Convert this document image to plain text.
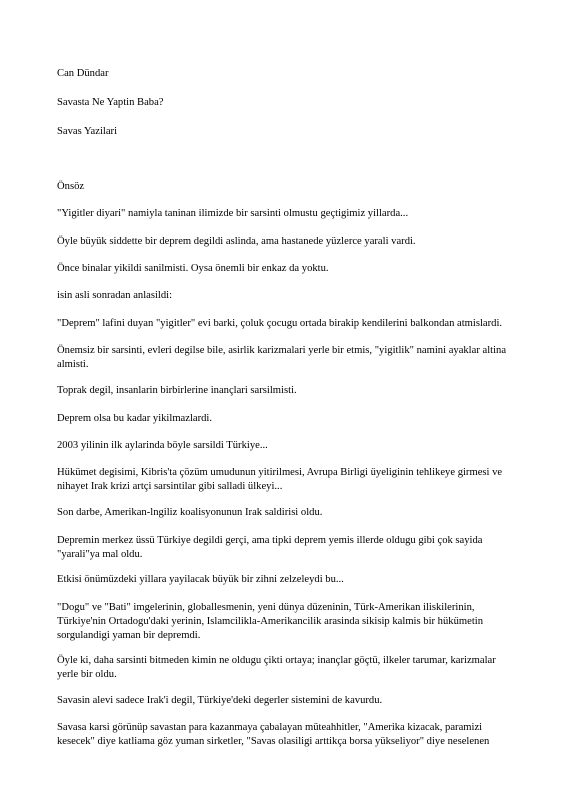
Can Dündar

Savasta Ne Yaptin Baba?

Savas Yazilari

Önsöz

"Yigitler diyari" namiyla taninan ilimizde bir sarsinti olmustu geçtigimiz yillarda...

Öyle büyük siddette bir deprem degildi aslinda, ama hastanede yüzlerce yarali vardi.

Önce binalar yikildi sanilmisti. Oysa önemli bir enkaz da yoktu.

isin asli sonradan anlasildi:

"Deprem" lafini duyan "yigitler" evi barki, çoluk çocugu ortada birakip kendilerini balkondan atmislardi.

Önemsiz bir sarsinti, evleri degilse bile, asirlik karizmalari yerle bir etmis, "yigitlik" namini ayaklar altina almisti.

Toprak degil, insanlarin birbirlerine inançlari sarsilmisti.

Deprem olsa bu kadar yikilmazlardi.

2003 yilinin ilk aylarinda böyle sarsildi Türkiye...

Hükümet degisimi, Kibris'ta çözüm umudunun yitirilmesi, Avrupa Birligi üyeliginin tehlikeye girmesi ve nihayet Irak krizi artçi sarsintilar gibi salladi ülkeyi...

Son darbe, Amerikan-lngiliz koalisyonunun Irak saldirisi oldu.

Depremin merkez üssü Türkiye degildi gerçi, ama tipki deprem yemis illerde oldugu gibi çok sayida "yarali"ya mal oldu.

Etkisi önümüzdeki yillara yayilacak büyük bir zihni zelzeleydi bu...

"Dogu" ve "Bati" imgelerinin, globallesmenin, yeni dünya düzeninin, Türk-Amerikan iliskilerinin, Türkiye'nin Ortadogu'daki yerinin, Islamcilikla-Amerikancilik arasinda sikisip kalmis bir hükümetin sorgulandigi yaman bir depremdi.

Öyle ki, daha sarsinti bitmeden kimin ne oldugu çikti ortaya; inançlar göçtü, ilkeler tarumar, karizmalar yerle bir oldu.

Savasin alevi sadece Irak'i degil, Türkiye'deki degerler sistemini de kavurdu.

Savasa karsi görünüp savastan para kazanmaya çabalayan müteahhitler, "Amerika kizacak, paramizi kesecek" diye katliama göz yuman sirketler, "Savas olasiligi arttikça borsa yükseliyor" diye neselenen
